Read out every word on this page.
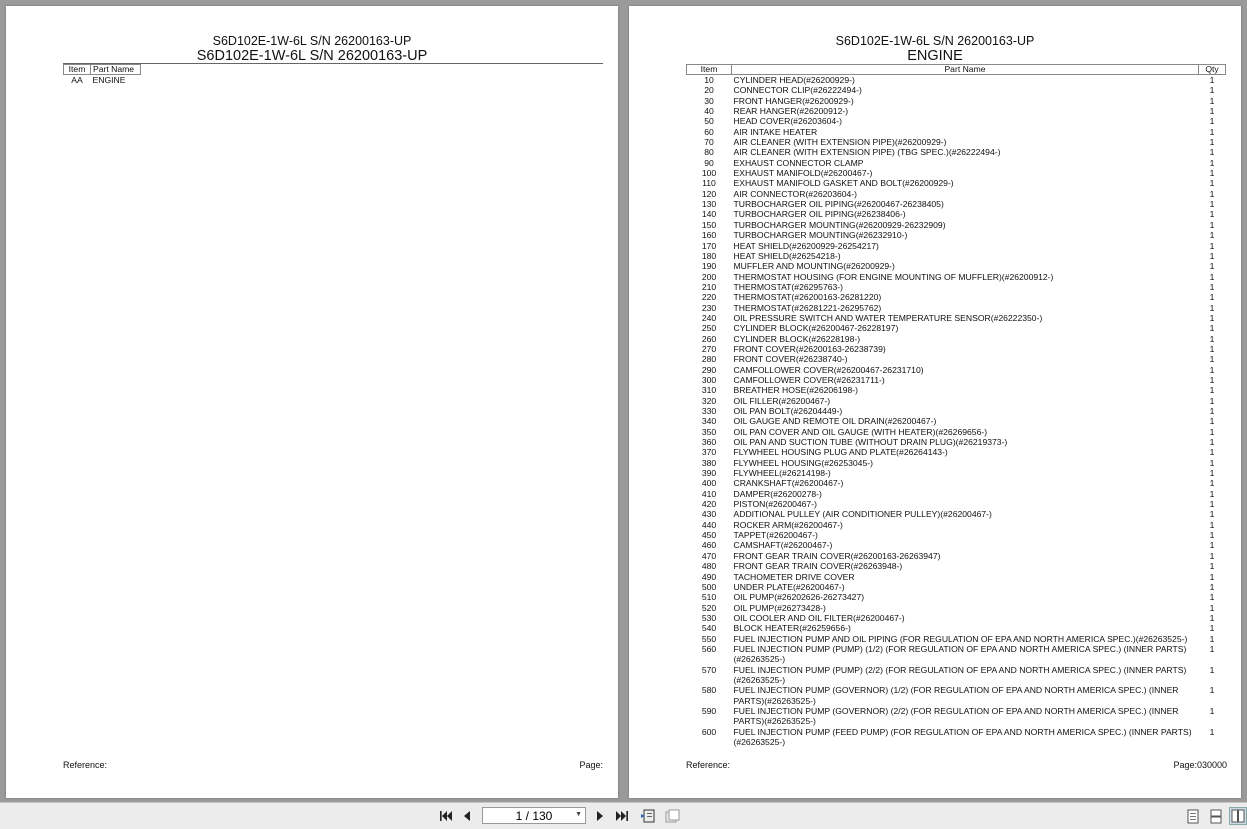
S6D102E-1W-6L S/N 26200163-UP
S6D102E-1W-6L S/N 26200163-UP
Item	Part Name
AA	ENGINE
Reference:	Page:
S6D102E-1W-6L S/N 26200163-UP
ENGINE
Item	Part Name	Qty
10	CYLINDER HEAD(#26200929-)	1
20	CONNECTOR CLIP(#26222494-)	1
30	FRONT HANGER(#26200929-)	1
40	REAR HANGER(#26200912-)	1
50	HEAD COVER(#26203604-)	1
60	AIR INTAKE HEATER	1
70	AIR CLEANER (WITH EXTENSION PIPE)(#26200929-)	1
80	AIR CLEANER (WITH EXTENSION PIPE) (TBG SPEC.)(#26222494-)	1
90	EXHAUST CONNECTOR CLAMP	1
100	EXHAUST MANIFOLD(#26200467-)	1
110	EXHAUST MANIFOLD GASKET AND BOLT(#26200929-)	1
120	AIR CONNECTOR(#26203604-)	1
130	TURBOCHARGER OIL PIPING(#26200467-26238405)	1
140	TURBOCHARGER OIL PIPING(#26238406-)	1
150	TURBOCHARGER MOUNTING(#26200929-26232909)	1
160	TURBOCHARGER MOUNTING(#26232910-)	1
170	HEAT SHIELD(#26200929-26254217)	1
180	HEAT SHIELD(#26254218-)	1
190	MUFFLER AND MOUNTING(#26200929-)	1
200	THERMOSTAT HOUSING (FOR ENGINE MOUNTING OF MUFFLER)(#26200912-)	1
210	THERMOSTAT(#26295763-)	1
220	THERMOSTAT(#26200163-26281220)	1
230	THERMOSTAT(#26281221-26295762)	1
240	OIL PRESSURE SWITCH AND WATER TEMPERATURE SENSOR(#26222350-)	1
250	CYLINDER BLOCK(#26200467-26228197)	1
260	CYLINDER BLOCK(#26228198-)	1
270	FRONT COVER(#26200163-26238739)	1
280	FRONT COVER(#26238740-)	1
290	CAMFOLLOWER COVER(#26200467-26231710)	1
300	CAMFOLLOWER COVER(#26231711-)	1
310	BREATHER HOSE(#26206198-)	1
320	OIL FILLER(#26200467-)	1
330	OIL PAN BOLT(#26204449-)	1
340	OIL GAUGE AND REMOTE OIL DRAIN(#26200467-)	1
350	OIL PAN COVER AND OIL GAUGE (WITH HEATER)(#26269656-)	1
360	OIL PAN AND SUCTION TUBE (WITHOUT DRAIN PLUG)(#26219373-)	1
370	FLYWHEEL HOUSING PLUG AND PLATE(#26264143-)	1
380	FLYWHEEL HOUSING(#26253045-)	1
390	FLYWHEEL(#26214198-)	1
400	CRANKSHAFT(#26200467-)	1
410	DAMPER(#26200278-)	1
420	PISTON(#26200467-)	1
430	ADDITIONAL PULLEY (AIR CONDITIONER PULLEY)(#26200467-)	1
440	ROCKER ARM(#26200467-)	1
450	TAPPET(#26200467-)	1
460	CAMSHAFT(#26200467-)	1
470	FRONT GEAR TRAIN COVER(#26200163-26263947)	1
480	FRONT GEAR TRAIN COVER(#26263948-)	1
490	TACHOMETER DRIVE COVER	1
500	UNDER PLATE(#26200467-)	1
510	OIL PUMP(#26202626-26273427)	1
520	OIL PUMP(#26273428-)	1
530	OIL COOLER AND OIL FILTER(#26200467-)	1
540	BLOCK HEATER(#26259656-)	1
550	FUEL INJECTION PUMP AND OIL PIPING (FOR REGULATION OF EPA AND NORTH AMERICA SPEC.)(#26263525-)	1
560	FUEL INJECTION PUMP (PUMP) (1/2) (FOR REGULATION OF EPA AND NORTH AMERICA SPEC.) (INNER PARTS)(#26263525-)	1
570	FUEL INJECTION PUMP (PUMP) (2/2) (FOR REGULATION OF EPA AND NORTH AMERICA SPEC.) (INNER PARTS)(#26263525-)	1
580	FUEL INJECTION PUMP (GOVERNOR) (1/2) (FOR REGULATION OF EPA AND NORTH AMERICA SPEC.) (INNER PARTS)(#26263525-)	1
590	FUEL INJECTION PUMP (GOVERNOR) (2/2) (FOR REGULATION OF EPA AND NORTH AMERICA SPEC.) (INNER PARTS)(#26263525-)	1
600	FUEL INJECTION PUMP (FEED PUMP) (FOR REGULATION OF EPA AND NORTH AMERICA SPEC.) (INNER PARTS)(#26263525-)	1
Reference:	Page:030000
1 / 130	▼
